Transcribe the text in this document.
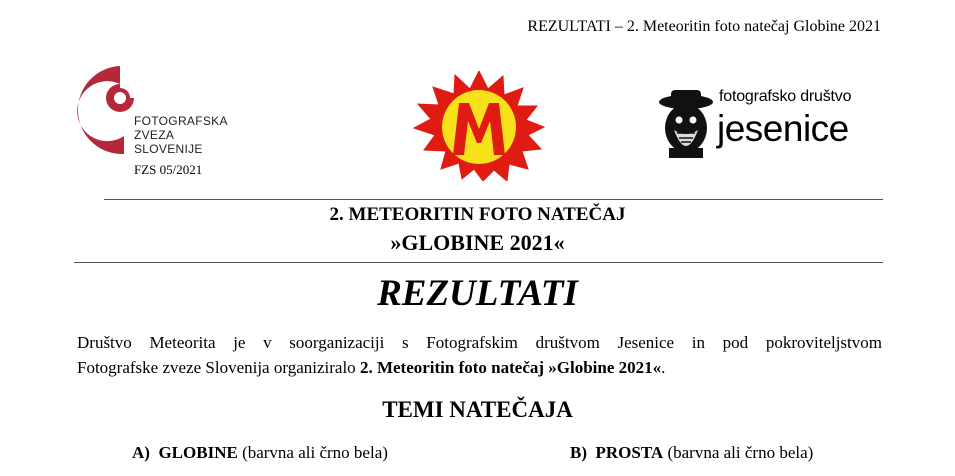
REZULTATI – 2. Meteoritin foto natečaj Globine 2021
FOTOGRAFSKA
ZVEZA
SLOVENIJE
FZS 05/2021
fotografsko društvo
jesenice
2. METEORITIN FOTO NATEČAJ
»GLOBINE 2021«
REZULTATI
Društvo Meteorita je v soorganizaciji s Fotografskim društvom Jesenice in pod pokroviteljstvom
Fotografske zveze Slovenija organiziralo 2. Meteoritin foto natečaj »Globine 2021«.
TEMI NATEČAJA
A) GLOBINE (barvna ali črno bela)	B) PROSTA (barvna ali črno bela)
